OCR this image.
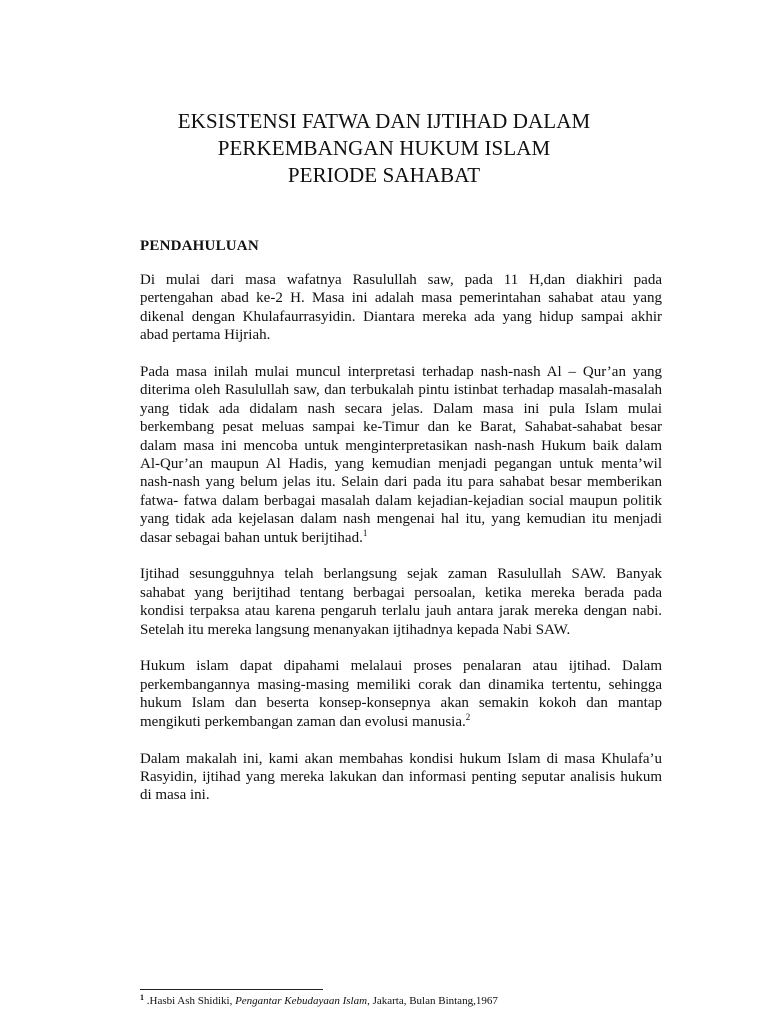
EKSISTENSI FATWA DAN IJTIHAD DALAM
PERKEMBANGAN HUKUM ISLAM
PERIODE SAHABAT
PENDAHULUAN

Di mulai dari masa wafatnya Rasulullah saw, pada 11 H,dan diakhiri pada
pertengahan abad ke-2 H. Masa ini adalah masa pemerintahan sahabat atau yang
dikenal dengan Khulafaurrasyidin. Diantara mereka ada yang hidup sampai akhir
abad pertama Hijriah.

Pada masa inilah mulai muncul interpretasi terhadap nash-nash Al – Qur’an yang
diterima oleh Rasulullah saw, dan terbukalah pintu istinbat terhadap masalah-masalah
yang tidak ada didalam nash secara jelas. Dalam masa ini pula Islam mulai
berkembang pesat meluas sampai ke-Timur dan ke Barat, Sahabat-sahabat besar
dalam masa ini mencoba untuk menginterpretasikan nash-nash Hukum baik dalam
Al-Qur’an maupun Al Hadis, yang kemudian menjadi pegangan untuk menta’wil
nash-nash yang belum jelas itu. Selain dari pada itu para sahabat besar memberikan
fatwa- fatwa dalam berbagai masalah dalam kejadian-kejadian social maupun politik
yang tidak ada kejelasan dalam nash mengenai hal itu, yang kemudian itu menjadi
dasar sebagai bahan untuk berijtihad.$^1$

Ijtihad sesungguhnya telah berlangsung sejak zaman Rasulullah SAW. Banyak
sahabat yang berijtihad tentang berbagai persoalan, ketika mereka berada pada
kondisi terpaksa atau karena pengaruh terlalu jauh antara jarak mereka dengan nabi.
Setelah itu mereka langsung menanyakan ijtihadnya kepada Nabi SAW.

Hukum islam dapat dipahami melalaui proses penalaran atau ijtihad. Dalam
perkembangannya masing-masing memiliki corak dan dinamika tertentu, sehingga
hukum Islam dan beserta konsep-konsepnya akan semakin kokoh dan mantap
mengikuti perkembangan zaman dan evolusi manusia.$^2$

Dalam makalah ini, kami akan membahas kondisi hukum Islam di masa Khulafa’u
Rasyidin, ijtihad yang mereka lakukan dan informasi penting seputar analisis hukum
di masa ini.

$^1$ .Hasbi Ash Shidiki, Pengantar Kebudayaan Islam, Jakarta, Bulan Bintang,1967
